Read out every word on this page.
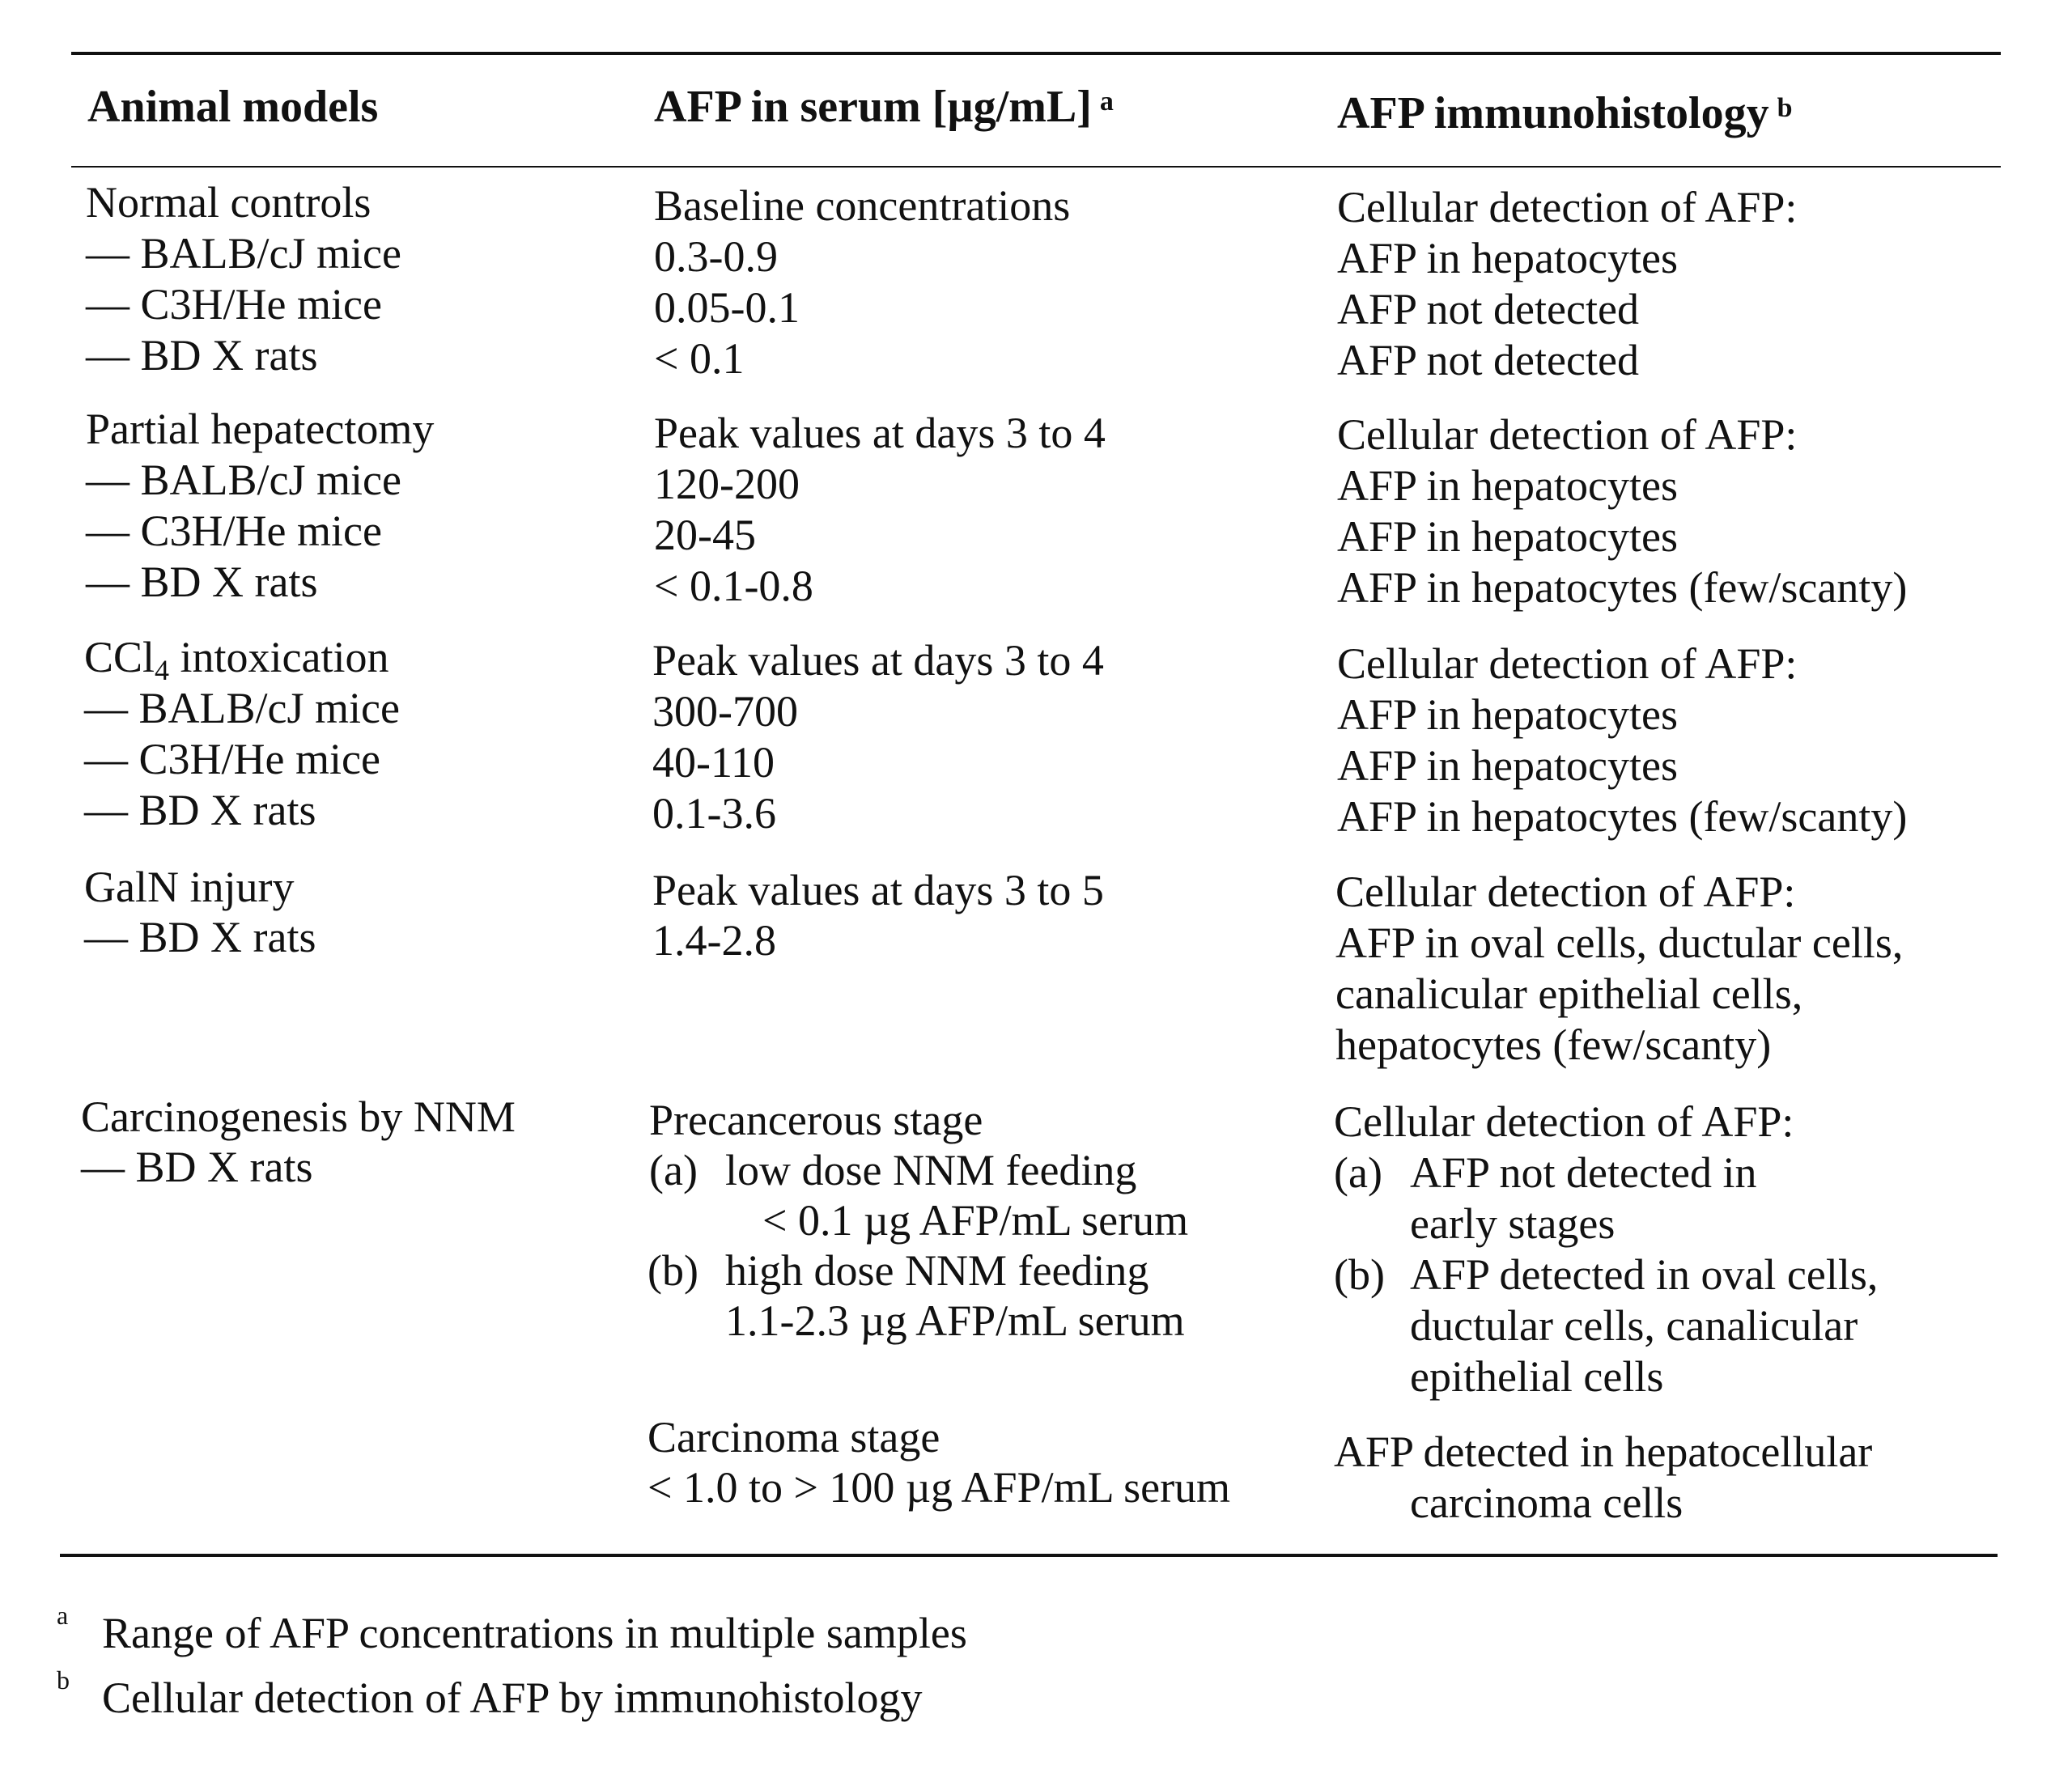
Animal models	AFP in serum [µg/mL] $^a$	AFP immunohistology $^b$
Normal controls
— BALB/cJ mice
— C3H/He mice
— BD X rats
Baseline concentrations
0.3-0.9
0.05-0.1
< 0.1
Cellular detection of AFP:
AFP in hepatocytes
AFP not detected
AFP not detected
Partial hepatectomy
— BALB/cJ mice
— C3H/He mice
— BD X rats
Peak values at days 3 to 4
120-200
20-45
< 0.1-0.8
Cellular detection of AFP:
AFP in hepatocytes
AFP in hepatocytes
AFP in hepatocytes (few/scanty)
CCl4 intoxication
— BALB/cJ mice
— C3H/He mice
— BD X rats
Peak values at days 3 to 4
300-700
40-110
0.1-3.6
Cellular detection of AFP:
AFP in hepatocytes
AFP in hepatocytes
AFP in hepatocytes (few/scanty)
GalN injury
— BD X rats
Peak values at days 3 to 5
1.4-2.8
Cellular detection of AFP:
AFP in oval cells, ductular cells,
canalicular epithelial cells,
hepatocytes (few/scanty)
Carcinogenesis by NNM
— BD X rats
Precancerous stage
(a) low dose NNM feeding
< 0.1 µg AFP/mL serum
(b) high dose NNM feeding
1.1-2.3 µg AFP/mL serum
Carcinoma stage
< 1.0 to > 100 µg AFP/mL serum
Cellular detection of AFP:
(a) AFP not detected in
early stages
(b) AFP detected in oval cells,
ductular cells, canalicular
epithelial cells
AFP detected in hepatocellular
carcinoma cells
a Range of AFP concentrations in multiple samples
b Cellular detection of AFP by immunohistology
